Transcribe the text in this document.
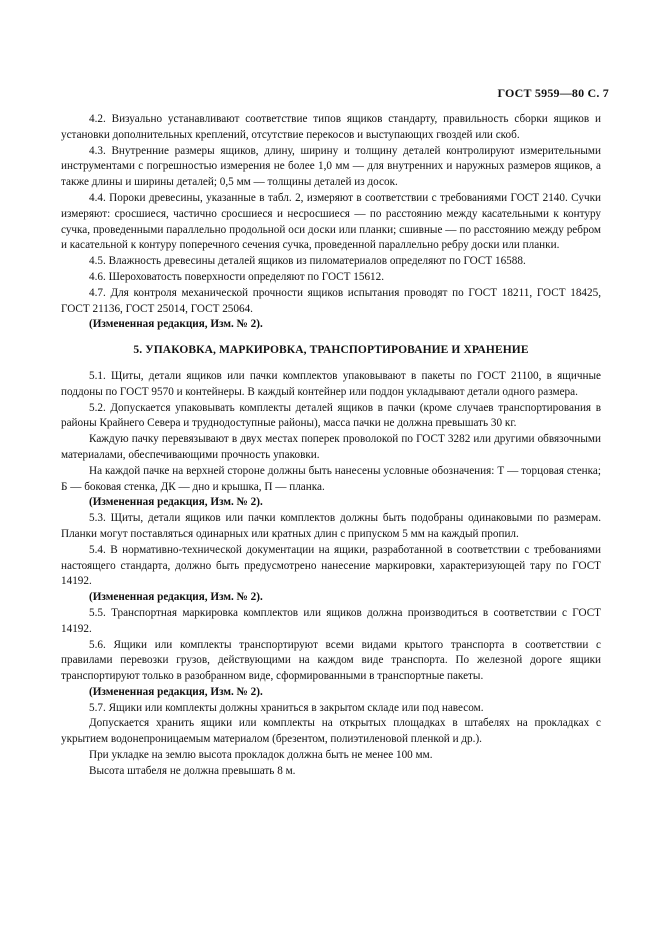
ГОСТ 5959—80 С. 7

4.2. Визуально устанавливают соответствие типов ящиков стандарту, правильность сборки ящиков и установки дополнительных креплений, отсутствие перекосов и выступающих гвоздей или скоб.

4.3. Внутренние размеры ящиков, длину, ширину и толщину деталей контролируют измерительными инструментами с погрешностью измерения не более 1,0 мм — для внутренних и наружных размеров ящиков, а также длины и ширины деталей; 0,5 мм — толщины деталей из досок.

4.4. Пороки древесины, указанные в табл. 2, измеряют в соответствии с требованиями ГОСТ 2140. Сучки измеряют: сросшиеся, частично сросшиеся и несросшиеся — по расстоянию между касательными к контуру сучка, проведенными параллельно продольной оси доски или планки; сшивные — по расстоянию между ребром и касательной к контуру поперечного сечения сучка, проведенной параллельно ребру доски или планки.

4.5. Влажность древесины деталей ящиков из пиломатериалов определяют по ГОСТ 16588.

4.6. Шероховатость поверхности определяют по ГОСТ 15612.

4.7. Для контроля механической прочности ящиков испытания проводят по ГОСТ 18211, ГОСТ 18425, ГОСТ 21136, ГОСТ 25014, ГОСТ 25064.

(Измененная редакция, Изм. № 2).

5. УПАКОВКА, МАРКИРОВКА, ТРАНСПОРТИРОВАНИЕ И ХРАНЕНИЕ

5.1. Щиты, детали ящиков или пачки комплектов упаковывают в пакеты по ГОСТ 21100, в ящичные поддоны по ГОСТ 9570 и контейнеры. В каждый контейнер или поддон укладывают детали одного размера.

5.2. Допускается упаковывать комплекты деталей ящиков в пачки (кроме случаев транспортирования в районы Крайнего Севера и труднодоступные районы), масса пачки не должна превышать 30 кг.

Каждую пачку перевязывают в двух местах поперек проволокой по ГОСТ 3282 или другими обвязочными материалами, обеспечивающими прочность упаковки.

На каждой пачке на верхней стороне должны быть нанесены условные обозначения: Т — торцовая стенка; Б — боковая стенка, ДК — дно и крышка, П — планка.

(Измененная редакция, Изм. № 2).

5.3. Щиты, детали ящиков или пачки комплектов должны быть подобраны одинаковыми по размерам. Планки могут поставляться одинарных или кратных длин с припуском 5 мм на каждый пропил.

5.4. В нормативно-технической документации на ящики, разработанной в соответствии с требованиями настоящего стандарта, должно быть предусмотрено нанесение маркировки, характеризующей тару по ГОСТ 14192.

(Измененная редакция, Изм. № 2).

5.5. Транспортная маркировка комплектов или ящиков должна производиться в соответствии с ГОСТ 14192.

5.6. Ящики или комплекты транспортируют всеми видами крытого транспорта в соответствии с правилами перевозки грузов, действующими на каждом виде транспорта. По железной дороге ящики транспортируют только в разобранном виде, сформированными в транспортные пакеты.

(Измененная редакция, Изм. № 2).

5.7. Ящики или комплекты должны храниться в закрытом складе или под навесом.

Допускается хранить ящики или комплекты на открытых площадках в штабелях на прокладках с укрытием водонепроницаемым материалом (брезентом, полиэтиленовой пленкой и др.).

При укладке на землю высота прокладок должна быть не менее 100 мм.

Высота штабеля не должна превышать 8 м.
